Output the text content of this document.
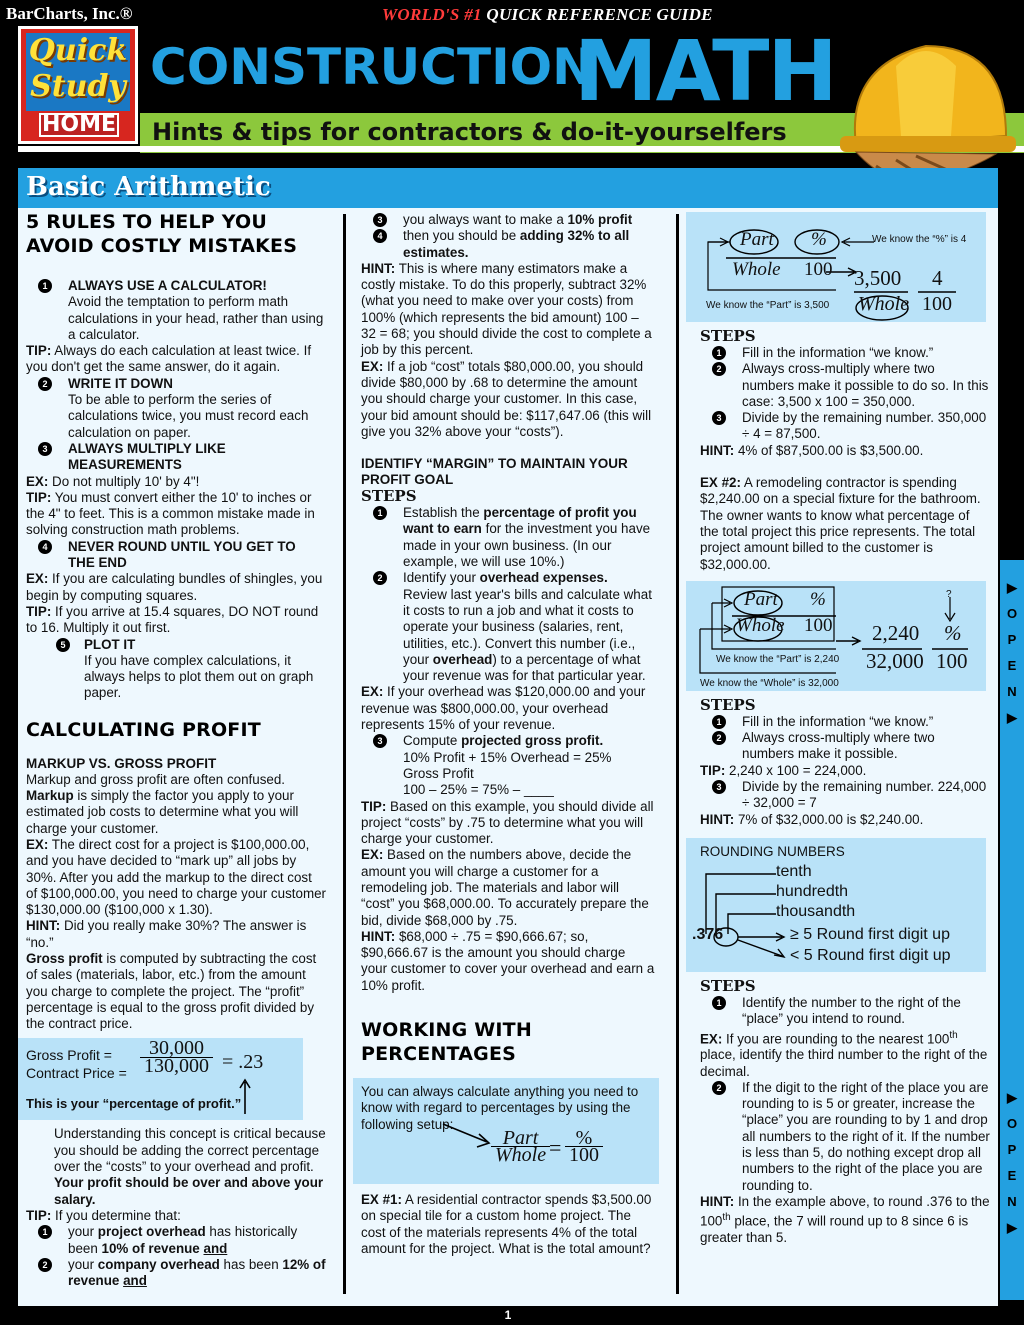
BarCharts, Inc.®	WORLD'S #1 QUICK REFERENCE GUIDE
Quick Study
HOME
CONSTRUCTION
MATH
Hints & tips for contractors & do-it-yourselfers
Basic Arithmetic
▶
O
P
E
N
▶
▶
O
P
E
N
▶
5 RULES TO HELP YOU AVOID COSTLY MISTAKES
1	ALWAYS USE A CALCULATOR!
Avoid the temptation to perform math calculations in your head, rather than using a calculator.
TIP: Always do each calculation at least twice. If you don't get the same answer, do it again.
2	WRITE IT DOWN
To be able to perform the series of calculations twice, you must record each calculation on paper.
3	ALWAYS MULTIPLY LIKE MEASUREMENTS
EX: Do not multiply 10' by 4"!
TIP: You must convert either the 10' to inches or the 4" to feet. This is a common mistake made in solving construction math problems.
4	NEVER ROUND UNTIL YOU GET TO THE END
EX: If you are calculating bundles of shingles, you begin by computing squares.
TIP: If you arrive at 15.4 squares, DO NOT round to 16. Multiply it out first.
5	PLOT IT
If you have complex calculations, it always helps to plot them out on graph paper.
CALCULATING PROFIT
MARKUP VS. GROSS PROFIT
Markup and gross profit are often confused.
Markup is simply the factor you apply to your estimated job costs to determine what you will charge your customer.
EX: The direct cost for a project is $100,000.00, and you have decided to “mark up” all jobs by 30%. After you add the markup to the direct cost of $100,000.00, you need to charge your customer $130,000.00 ($100,000 x 1.30).
HINT: Did you really make 30%? The answer is “no.”
Gross profit is computed by subtracting the cost of sales (materials, labor, etc.) from the amount you charge to complete the project. The “profit” percentage is equal to the gross profit divided by the contract price.
Gross Profit =
Contract Price = $\frac{30,000}{130,000} = .23$
This is your “percentage of profit.”
Understanding this concept is critical because you should be adding the correct percentage over the “costs” to your overhead and profit. Your profit should be over and above your salary.
TIP: If you determine that:
1	your project overhead has historically been 10% of revenue and
2	your company overhead has been 12% of revenue and
3	you always want to make a 10% profit
4	then you should be adding 32% to all estimates.
HINT: This is where many estimators make a costly mistake. To do this properly, subtract 32% (what you need to make over your costs) from 100% (which represents the bid amount) 100 – 32 = 68; you should divide the cost to complete a job by this percent.
EX: If a job “cost” totals $80,000.00, you should divide $80,000 by .68 to determine the amount you should charge your customer. In this case, your bid amount should be: $117,647.06 (this will give you 32% above your “costs”).
IDENTIFY “MARGIN” TO MAINTAIN YOUR PROFIT GOAL
STEPS
1	Establish the percentage of profit you want to earn for the investment you have made in your own business. (In our example, we will use 10%.)
2	Identify your overhead expenses. Review last year's bills and calculate what it costs to run a job and what it costs to operate your business (salaries, rent, utilities, etc.). Convert this number (i.e., your overhead) to a percentage of what your revenue was for that particular year.
EX: If your overhead was $120,000.00 and your revenue was $800,000.00, your overhead represents 15% of your revenue.
3	Compute projected gross profit.
10% Profit + 15% Overhead = 25%
Gross Profit
100 – 25% = 75% – ____
TIP: Based on this example, you should divide all project “costs” by .75 to determine what you will charge your customer.
EX: Based on the numbers above, decide the amount you will charge a customer for a remodeling job. The materials and labor will “cost” you $68,000.00. To accurately prepare the bid, divide $68,000 by .75.
HINT: $68,000 ÷ .75 = $90,666.67; so, $90,666.67 is the amount you should charge your customer to cover your overhead and earn a 10% profit.
WORKING WITH PERCENTAGES
You can always calculate anything you need to know with regard to percentages by using the following setup:
Part
Whole = %
100
EX #1: A residential contractor spends $3,500.00 on special tile for a custom home project. The cost of the materials represents 4% of the total amount for the project. What is the total amount?
We know the “%” is 4
Part %
Whole 100 3,500 4
We know the “Part” is 3,500 Whole 100
STEPS
1	Fill in the information “we know.”
2	Always cross-multiply where two numbers make it possible to do so. In this case: 3,500 x 100 = 350,000.
3	Divide by the remaining number. 350,000 ÷ 4 = 87,500.
HINT: 4% of $87,500.00 is $3,500.00.
EX #2: A remodeling contractor is spending $2,240.00 on a special fixture for the bathroom. The owner wants to know what percentage of the total project this price represents. The total project amount billed to the customer is $32,000.00.
?
Part %
Whole 100 2,240 %
32,000 100
We know the “Part” is 2,240
We know the “Whole” is 32,000
STEPS
1	Fill in the information “we know.”
2	Always cross-multiply where two numbers make it possible.
TIP: 2,240 x 100 = 224,000.
3	Divide by the remaining number. 224,000 ÷ 32,000 = 7
HINT: 7% of $32,000.00 is $2,240.00.
ROUNDING NUMBERS
tenth
hundredth
thousandth
.376	≥ 5 Round first digit up
< 5 Round first digit up
STEPS
1	Identify the number to the right of the “place” you intend to round.
EX: If you are rounding to the nearest 100th place, identify the third number to the right of the decimal.
2	If the digit to the right of the place you are rounding to is 5 or greater, increase the “place” you are rounding to by 1 and drop all numbers to the right of it. If the number is less than 5, do nothing except drop all numbers to the right of the place you are rounding to.
HINT: In the example above, to round .376 to the 100th place, the 7 will round up to 8 since 6 is greater than 5.
1
